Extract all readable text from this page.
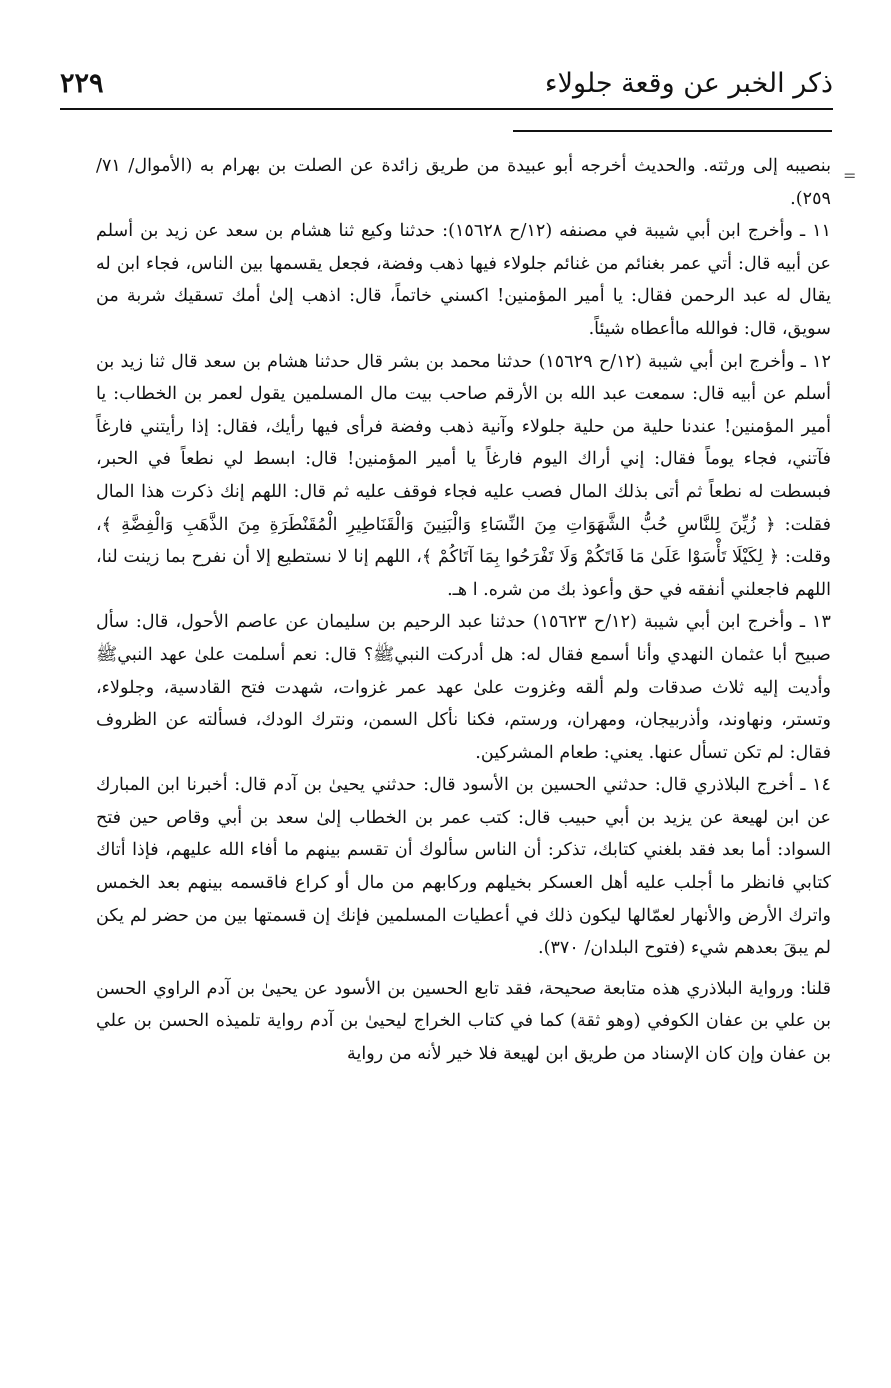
ذكر الخبر عن وقعة جلولاء
٢٢٩
=

بنصيبه إلى ورثته. والحديث أخرجه أبو عبيدة من طريق زائدة عن الصلت بن بهرام به (الأموال/ ٧١/ ٢٥٩).

١١ ـ وأخرج ابن أبي شيبة في مصنفه (١٢/ح ١٥٦٢٨): حدثنا وكيع ثنا هشام بن سعد عن زيد بن أسلم عن أبيه قال: أتي عمر بغنائم من غنائم جلولاء فيها ذهب وفضة، فجعل يقسمها بين الناس، فجاء ابن له يقال له عبد الرحمن فقال: يا أمير المؤمنين! اكسني خاتماً، قال: اذهب إلىٰ أمك تسقيك شربة من سويق، قال: فوالله ماأعطاه شيئاً.

١٢ ـ وأخرج ابن أبي شيبة (١٢/ح ١٥٦٢٩) حدثنا محمد بن بشر قال حدثنا هشام بن سعد قال ثنا زيد بن أسلم عن أبيه قال: سمعت عبد الله بن الأرقم صاحب بيت مال المسلمين يقول لعمر بن الخطاب: يا أمير المؤمنين! عندنا حلية من حلية جلولاء وآنية ذهب وفضة فرأى فيها رأيك، فقال: إذا رأيتني فارغاً فآتني، فجاء يوماً فقال: إني أراك اليوم فارغاً يا أمير المؤمنين! قال: ابسط لي نطعاً في الحبر، فبسطت له نطعاً ثم أتى بذلك المال فصب عليه فجاء فوقف عليه ثم قال: اللهم إنك ذكرت هذا المال فقلت: ﴿ زُيِّنَ لِلنَّاسِ حُبُّ الشَّهَوَاتِ مِنَ النِّسَاءِ وَالْبَنِينَ وَالْقَنَاطِيرِ الْمُقَنْطَرَةِ مِنَ الذَّهَبِ وَالْفِضَّةِ ﴾، وقلت: ﴿ لِكَيْلَا تَأْسَوْا عَلَىٰ مَا فَاتَكُمْ وَلَا تَفْرَحُوا بِمَا آتَاكُمْ ﴾، اللهم إنا لا نستطيع إلا أن نفرح بما زينت لنا، اللهم فاجعلني أنفقه في حق وأعوذ بك من شره. ا هـ.

١٣ ـ وأخرج ابن أبي شيبة (١٢/ح ١٥٦٢٣) حدثنا عبد الرحيم بن سليمان عن عاصم الأحول، قال: سأل صبيح أبا عثمان النهدي وأنا أسمع فقال له: هل أدركت النبيﷺ؟ قال: نعم أسلمت علىٰ عهد النبيﷺ وأديت إليه ثلاث صدقات ولم ألقه وغزوت علىٰ عهد عمر غزوات، شهدت فتح القادسية، وجلولاء، وتستر، ونهاوند، وأذربيجان، ومهران، ورستم، فكنا نأكل السمن، ونترك الودك، فسألته عن الظروف فقال: لم تكن تسأل عنها. يعني: طعام المشركين.

١٤ ـ أخرج البلاذري قال: حدثني الحسين بن الأسود قال: حدثني يحيىٰ بن آدم قال: أخبرنا ابن المبارك عن ابن لهيعة عن يزيد بن أبي حبيب قال: كتب عمر بن الخطاب إلىٰ سعد بن أبي وقاص حين فتح السواد: أما بعد فقد بلغني كتابك، تذكر: أن الناس سألوك أن تقسم بينهم ما أفاء الله عليهم، فإذا أتاك كتابي فانظر ما أجلب عليه أهل العسكر بخيلهم وركابهم من مال أو كراع فاقسمه بينهم بعد الخمس واترك الأرض والأنهار لعمّالها ليكون ذلك في أعطيات المسلمين فإنك إن قسمتها بين من حضر لم يكن لم يبقَ بعدهم شيء (فتوح البلدان/ ٣٧٠).

قلنا: ورواية البلاذري هذه متابعة صحيحة، فقد تابع الحسين بن الأسود عن يحيىٰ بن آدم الراوي الحسن بن علي بن عفان الكوفي (وهو ثقة) كما في كتاب الخراج ليحيىٰ بن آدم رواية تلميذه الحسن بن علي بن عفان وإن كان الإسناد من طريق ابن لهيعة فلا خير لأنه من رواية
